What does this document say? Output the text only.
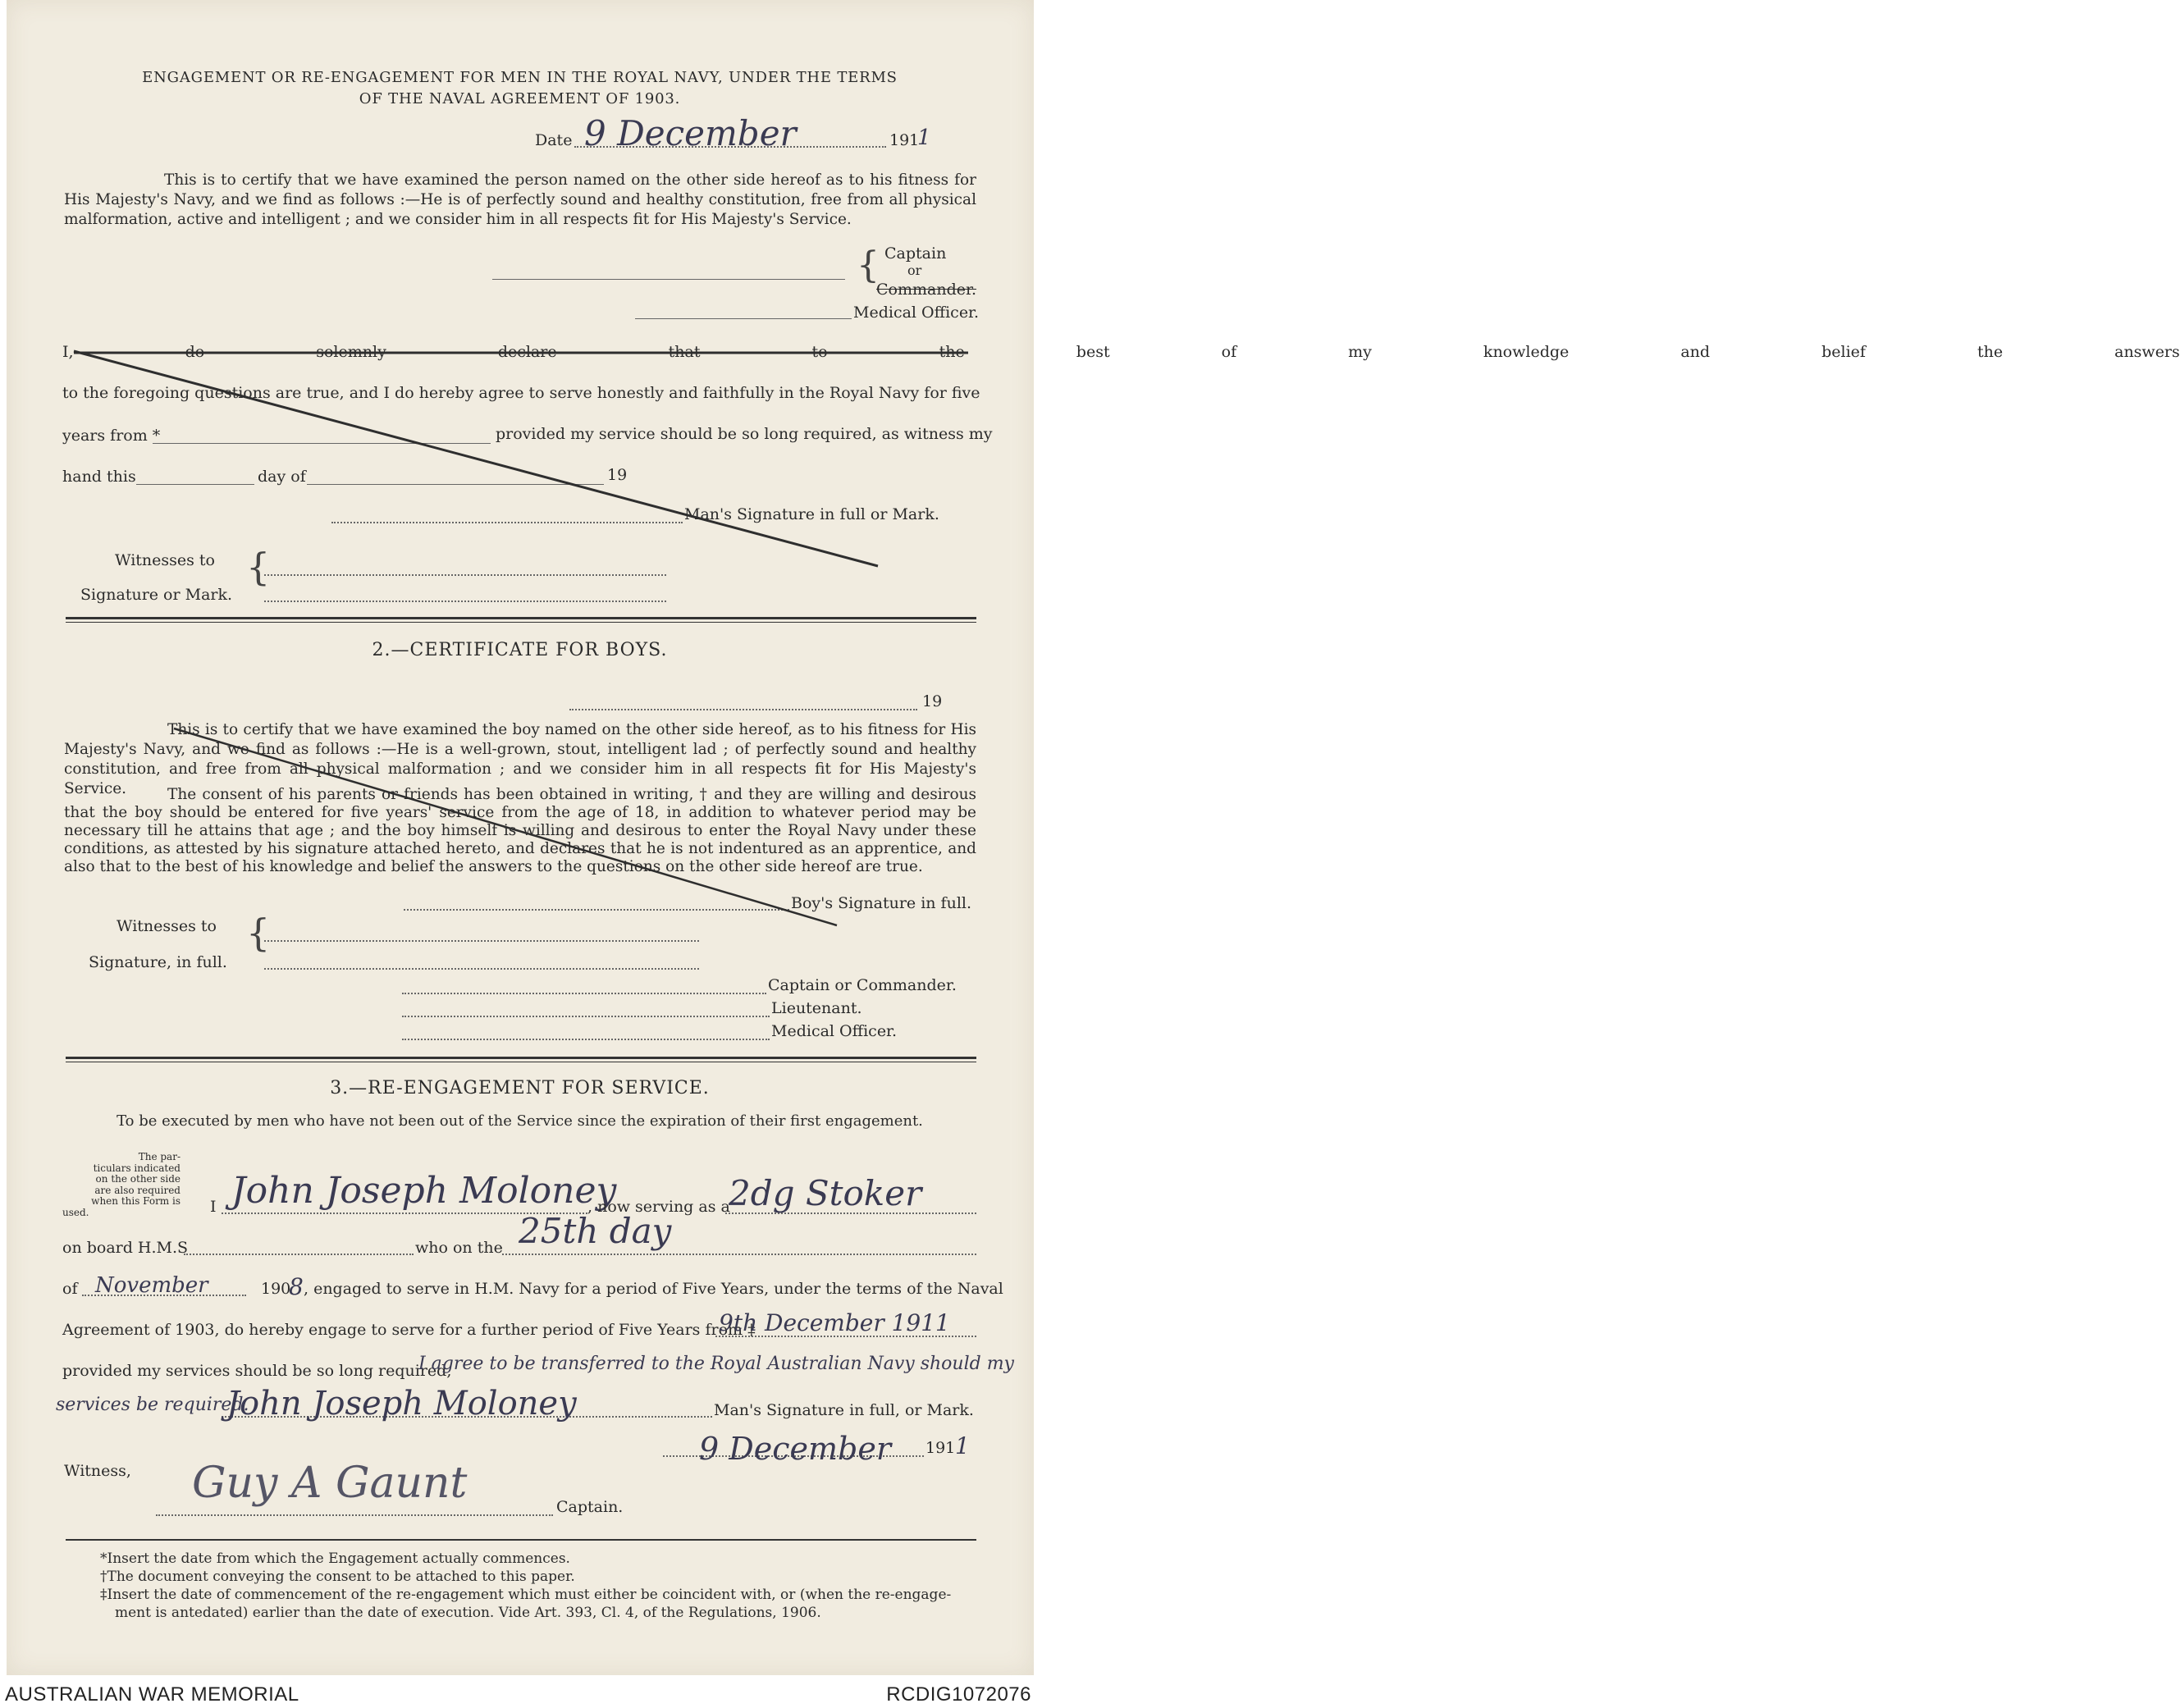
ENGAGEMENT OR RE-ENGAGEMENT FOR MEN IN THE ROYAL NAVY, UNDER THE TERMS
OF THE NAVAL AGREEMENT OF 1903.
Date 9 December	191
1
This is to certify that we have examined the person named on the other side hereof as to his fitness for His Majesty's Navy, and we find as follows :—He is of perfectly sound and healthy constitution, free from all physical malformation, active and intelligent ; and we consider him in all respects fit for His Majesty's Service.
{ Captain
or
Commander.
Medical Officer.
I, do solemnly declare that to the best of my knowledge and belief the answers
to the foregoing questions are true, and I do hereby agree to serve honestly and faithfully in the Royal Navy for five
years from *	provided my service should be so long required, as witness my
hand this	day of	19
Man's Signature in full or Mark.
Witnesses to
Signature or Mark.
{
2.—CERTIFICATE FOR BOYS.
19
This is to certify that we have examined the boy named on the other side hereof, as to his fitness for His Majesty's Navy, and we find as follows :—He is a well-grown, stout, intelligent lad ; of perfectly sound and healthy constitution, and free from all physical malformation ; and we consider him in all respects fit for His Majesty's Service.	The consent of his parents or friends has been obtained in writing, † and they are willing and desirous that the boy should be entered for five years' service from the age of 18, in addition to whatever period may be necessary till he attains that age ; and the boy himself is willing and desirous to enter the Royal Navy under these conditions, as attested by his signature attached hereto, and declares that he is not indentured as an apprentice, and also that to the best of his knowledge and belief the answers to the questions on the other side hereof are true.
Boy's Signature in full.
Witnesses to
Signature, in full.
{
Captain or Commander.
Lieutenant.
Medical Officer.
3.—RE-ENGAGEMENT FOR SERVICE.
To be executed by men who have not been out of the Service since the expiration of their first engagement.
The par-
ticulars indicated
on the other side
are also required
when this Form is
used.	I John Joseph Moloney
, now serving as a
2dg Stoker
on board H.M.S	who on the 25th day
of November	190
8 , engaged to serve in H.M. Navy for a period of Five Years, under the terms of the Naval
Agreement of 1903, do hereby engage to serve for a further period of Five Years from ‡
9th December 1911
provided my services should be so long required,
I agree to be transferred to the Royal Australian Navy should my
services be required.
John Joseph Moloney	Man's Signature in full, or Mark.
9 December 191 1
Witness, Guy A Gaunt	Captain.
*Insert the date from which the Engagement actually commences.
†The document conveying the consent to be attached to this paper.
‡Insert the date of commencement of the re-engagement which must either be coincident with, or (when the re-engage-
ment is antedated) earlier than the date of execution. Vide Art. 393, Cl. 4, of the Regulations, 1906.
AUSTRALIAN WAR MEMORIAL	RCDIG1072076
